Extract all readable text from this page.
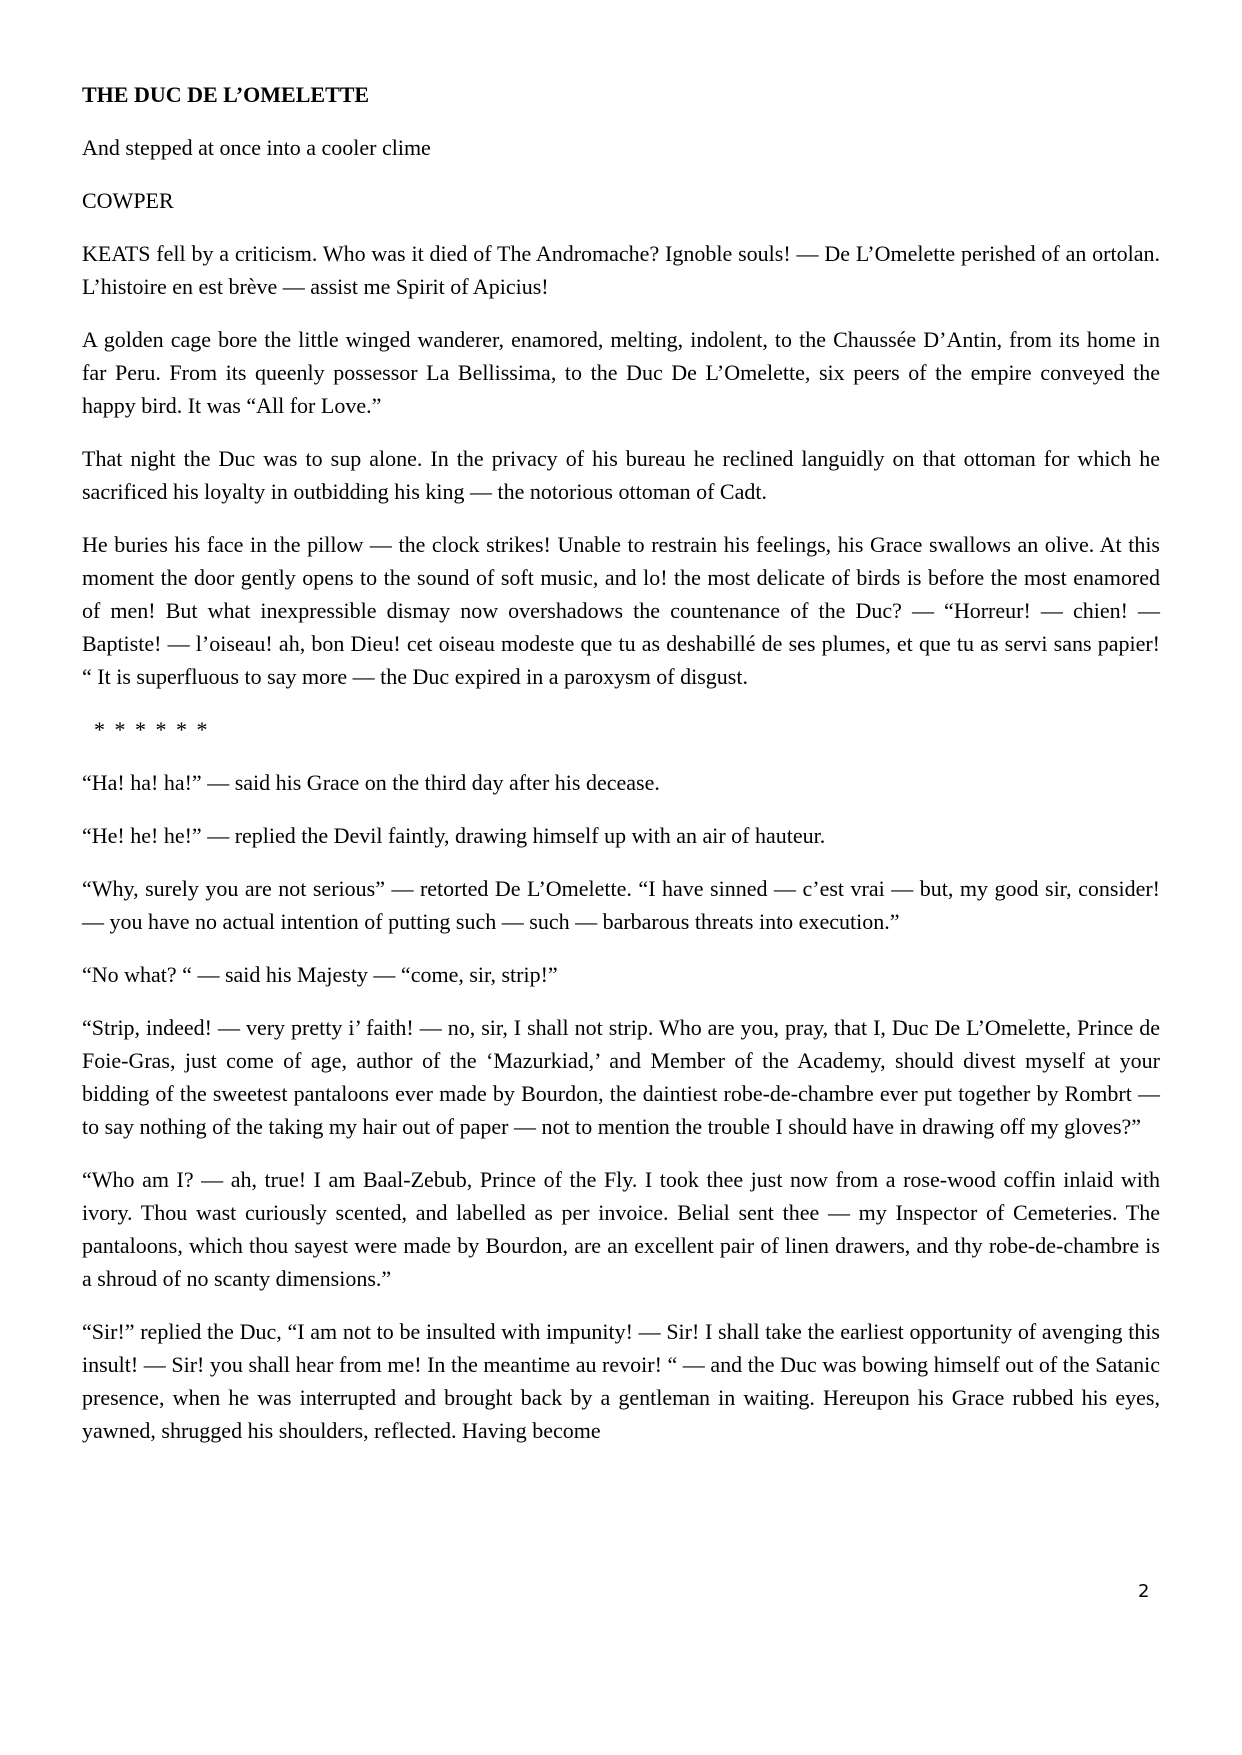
THE DUC DE L’OMELETTE

And stepped at once into a cooler clime

COWPER

KEATS fell by a criticism. Who was it died of The Andromache? Ignoble souls! — De L’Omelette perished of an ortolan. L’histoire en est brève — assist me Spirit of Apicius!

A golden cage bore the little winged wanderer, enamored, melting, indolent, to the Chaussée D’Antin, from its home in far Peru. From its queenly possessor La Bellissima, to the Duc De L’Omelette, six peers of the empire conveyed the happy bird. It was “All for Love.”

That night the Duc was to sup alone. In the privacy of his bureau he reclined languidly on that ottoman for which he sacrificed his loyalty in outbidding his king — the notorious ottoman of Cadt.

He buries his face in the pillow — the clock strikes! Unable to restrain his feelings, his Grace swallows an olive. At this moment the door gently opens to the sound of soft music, and lo! the most delicate of birds is before the most enamored of men! But what inexpressible dismay now overshadows the countenance of the Duc? — “Horreur! — chien! — Baptiste! — l’oiseau! ah, bon Dieu! cet oiseau modeste que tu as deshabillé de ses plumes, et que tu as servi sans papier! “ It is superfluous to say more — the Duc expired in a paroxysm of disgust.

* * * * * *

“Ha! ha! ha!” — said his Grace on the third day after his decease.

“He! he! he!” — replied the Devil faintly, drawing himself up with an air of hauteur.

“Why, surely you are not serious” — retorted De L’Omelette. “I have sinned — c’est vrai — but, my good sir, consider! — you have no actual intention of putting such — such — barbarous threats into execution.”

“No what? “ — said his Majesty — “come, sir, strip!”

“Strip, indeed! — very pretty i’ faith! — no, sir, I shall not strip. Who are you, pray, that I, Duc De L’Omelette, Prince de Foie-Gras, just come of age, author of the ‘Mazurkiad,’ and Member of the Academy, should divest myself at your bidding of the sweetest pantaloons ever made by Bourdon, the daintiest robe-de-chambre ever put together by Rombrt — to say nothing of the taking my hair out of paper — not to mention the trouble I should have in drawing off my gloves?”

“Who am I? — ah, true! I am Baal-Zebub, Prince of the Fly. I took thee just now from a rose-wood coffin inlaid with ivory. Thou wast curiously scented, and labelled as per invoice. Belial sent thee — my Inspector of Cemeteries. The pantaloons, which thou sayest were made by Bourdon, are an excellent pair of linen drawers, and thy robe-de-chambre is a shroud of no scanty dimensions.”

“Sir!” replied the Duc, “I am not to be insulted with impunity! — Sir! I shall take the earliest opportunity of avenging this insult! — Sir! you shall hear from me! In the meantime au revoir! “ — and the Duc was bowing himself out of the Satanic presence, when he was interrupted and brought back by a gentleman in waiting. Hereupon his Grace rubbed his eyes, yawned, shrugged his shoulders, reflected. Having become

2
